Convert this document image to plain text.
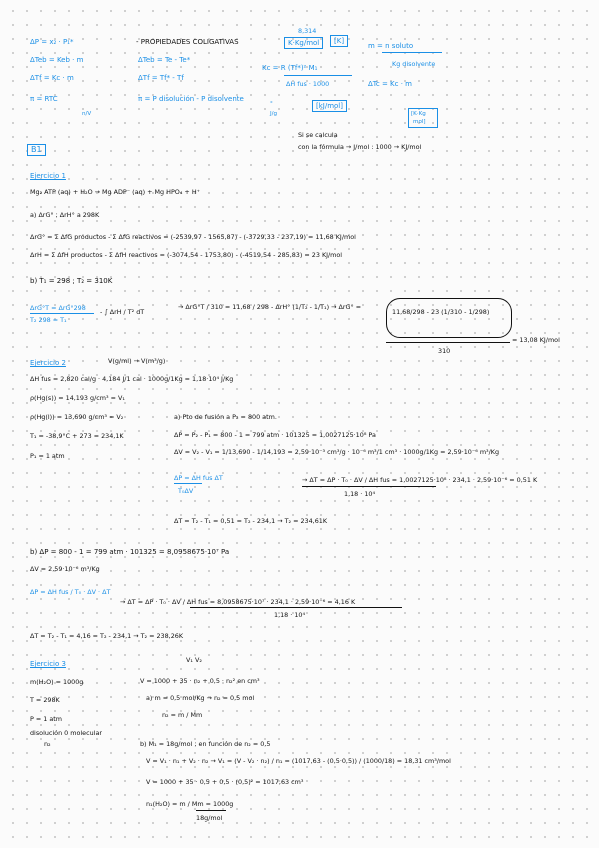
ΔP = x₂ · P₁*
ΔTeb = Keb · m
ΔTf = Kc · m
π = RTC
n/V
- PROPIEDADES COLIGATIVAS
ΔTeb = Te - Te*
ΔTf = Tf* - Tf
π = P disolución - P disolvente
8,314
K·Kg/mol	[K]
Kc = R (Tf*)² M₁
ΔH fus · 1000
°
J/g
[kJ/mol]
m = n soluto
Kg disolvente
ΔTc = Kc · m
[K·Kg
mol]
Si se calcula
con la fórmula → J/mol : 1000 → KJ/mol
B1
Ejercicio 1
Mg₂ ATP (aq) + H₂O → Mg ADP⁻ (aq) + Mg HPO₄ + H⁺
a) ΔrG° ; ΔrH° a 298K
ΔrG° = Σ ΔfG productos - Σ ΔfG reactivos = (-2539,97 - 1565,87) - (-3729,33 - 237,19) = 11,68 KJ/mol
ΔrH = Σ ΔfH productos - Σ ΔfH reactivos = (-3074,54 - 1753,80) - (-4519,54 - 285,83) = 23 KJ/mol
b) T₁ = 298 ; T₂ = 310K
ΔrG°T = ΔrG°298
T₂ 298 = T₁
- ∫ ΔrH / T² dT
→ ΔrG°T / 310 = 11,68 / 298 - ΔrH° (1/T₂ - 1/T₁) → ΔrG° =
11,68/298 - 23 (1/310 - 1/298)
310
= 13,08 KJ/mol
Ejercicio 2	V(g/ml) → V(m³/g)
ΔH fus = 2,820 cal/g · 4,184 J/1 cal · 1000g/1Kg = 1,18·10⁴ J/Kg
ρ(Hg(s)) = 14,193 g/cm³ = V₁
ρ(Hg(l)) = 13,690 g/cm³ = V₂	a) Pto de fusión a P₂ = 800 atm.
T₁ = -38,9°C + 273 = 234,1K	ΔP = P₂ - P₁ = 800 - 1 = 799 atm · 101325 = 1,0027125·10⁸ Pa
P₁ = 1 atm	ΔV = V₂ - V₁ = 1/13,690 - 1/14,193 = 2,59·10⁻³ cm³/g · 10⁻⁶ m³/1 cm³ · 1000g/1Kg = 2,59·10⁻⁶ m³/Kg
ΔP = ΔH fus ΔT
T₀ΔV
→ ΔT = ΔP · T₀ · ΔV / ΔH fus = 1,0027125·10⁸ · 234,1 · 2,59·10⁻⁶ = 0,51 K
1,18 · 10⁴
ΔT = T₂ - T₁ = 0,51 = T₂ - 234,1 → T₂ = 234,61K
b) ΔP = 800 - 1 = 799 atm · 101325 = 8,0958675·10⁷ Pa
ΔV = 2,59·10⁻⁶ m³/Kg
ΔP = ΔH fus / T₀ · ΔV · ΔT
→ ΔT = ΔP · T₀ · ΔV / ΔH fus = 8,0958675·10⁷ · 234,1 · 2,59·10⁻⁶ = 4,16 K
1,18 · 10⁴
ΔT = T₂ - T₁ = 4,16 = T₂ - 234,1 → T₂ = 238,26K
Ejercicio 3	V₁ V₂
m(H₂O) = 1000g	V = 1000 + 35 · n₂ + 0,5 · n₂² en cm³
T = 298K	a) m = 0,5 mol/Kg → n₂ = 0,5 mol
P = 1 atm	n₂ = m / Mm
disolución 0 molecular
n₂	b) M₁ = 18g/mol ; en función de n₂ = 0,5
V = V₁ · n₁ + V₂ · n₂ → V₁ = (V - V₂ · n₂) / n₁ = (1017,63 - (0,5·0,5)) / (1000/18) = 18,31 cm³/mol
V = 1000 + 35 · 0,5 + 0,5 · (0,5)² = 1017,63 cm³
n₁(H₂O) = m / Mm = 1000g
18g/mol
